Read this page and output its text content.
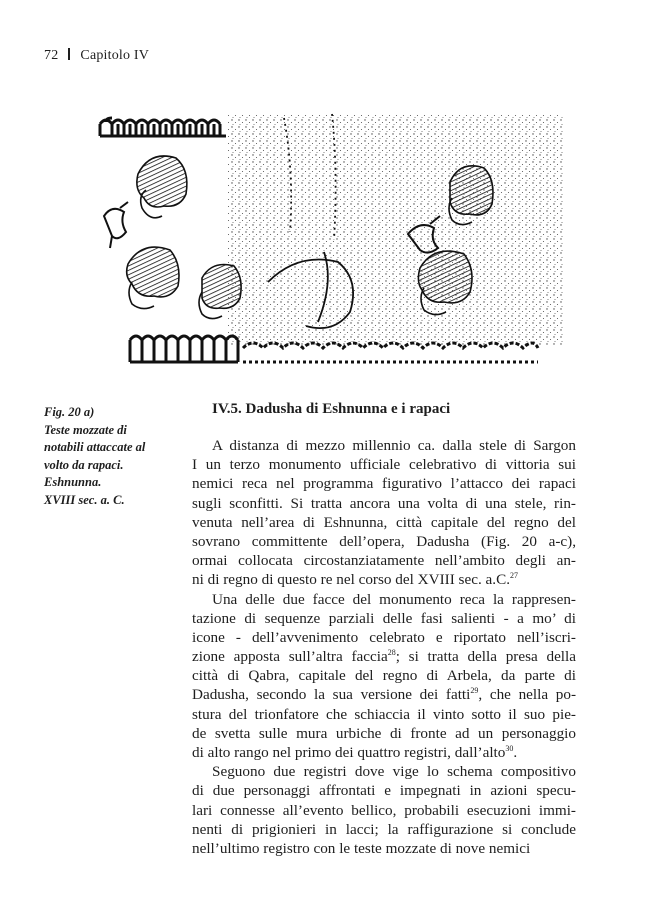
72 Capitolo IV
Fig. 20 a)
Teste mozzate di
notabili attaccate al
volto da rapaci.
Eshnunna.
XVIII sec. a. C.
IV.5. Dadusha di Eshnunna e i rapaci
A distanza di mezzo millennio ca. dalla stele di Sargon
I un terzo monumento ufficiale celebrativo di vittoria sui
nemici reca nel programma figurativo l’attacco dei rapaci
sugli sconfitti. Si tratta ancora una volta di una stele, rin-
venuta nell’area di Eshnunna, città capitale del regno del
sovrano committente dell’opera, Dadusha (Fig. 20 a-c),
ormai collocata circostanziatamente nell’ambito degli an-
ni di regno di questo re nel corso del XVIII sec. a.C.$^{27}$
Una delle due facce del monumento reca la rappresen-
tazione di sequenze parziali delle fasi salienti - a mo’ di
icone - dell’avvenimento celebrato e riportato nell’iscri-
zione apposta sull’altra faccia$^{28}$; si tratta della presa della
città di Qabra, capitale del regno di Arbela, da parte di
Dadusha, secondo la sua versione dei fatti$^{29}$, che nella po-
stura del trionfatore che schiaccia il vinto sotto il suo pie-
de svetta sulle mura urbiche di fronte ad un personaggio
di alto rango nel primo dei quattro registri, dall’alto$^{30}$.
Seguono due registri dove vige lo schema compositivo
di due personaggi affrontati e impegnati in azioni specu-
lari connesse all’evento bellico, probabili esecuzioni immi-
nenti di prigionieri in lacci; la raffigurazione si conclude
nell’ultimo registro con le teste mozzate di nove nemici
